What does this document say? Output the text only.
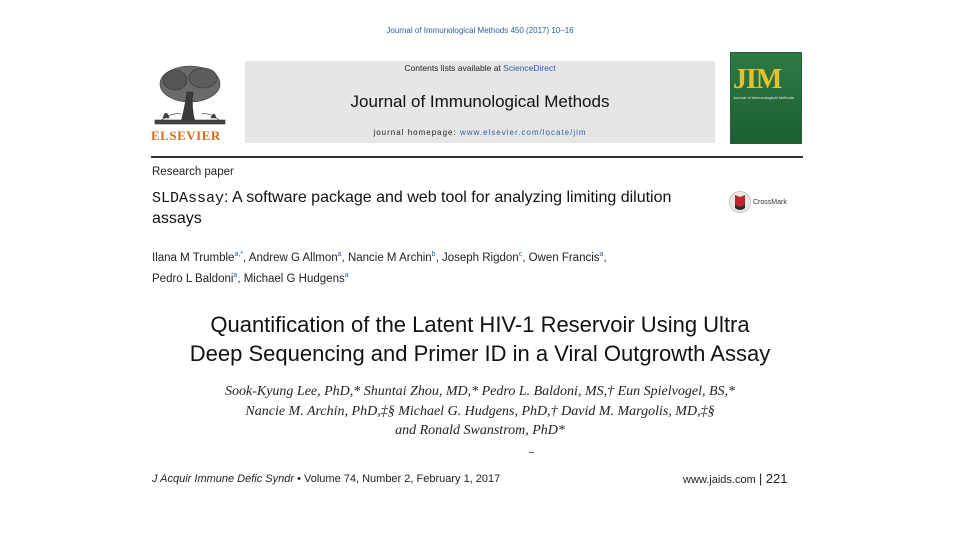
Journal of Immunological Methods 450 (2017) 10–16
ELSEVIER
Contents lists available at ScienceDirect
Journal of Immunological Methods
journal homepage: www.elsevier.com/locate/jim
JIM
Journal of Immunological Methods
Research paper
SLDAssay: A software package and web tool for analyzing limiting dilution assays
CrossMark
Ilana M Trumble$^{a,*}$, Andrew G Allmon$^a$, Nancie M Archin$^b$, Joseph Rigdon$^c$, Owen Francis$^a$,
Pedro L Baldoni$^a$, Michael G Hudgens$^a$
Quantification of the Latent HIV-1 Reservoir Using Ultra
Deep Sequencing and Primer ID in a Viral Outgrowth Assay
Sook-Kyung Lee, PhD,* Shuntai Zhou, MD,* Pedro L. Baldoni, MS,† Eun Spielvogel, BS,*
Nancie M. Archin, PhD,‡§ Michael G. Hudgens, PhD,† David M. Margolis, MD,‡§
and Ronald Swanstrom, PhD*
J Acquir Immune Defic Syndr • Volume 74, Number 2, February 1, 2017	www.jaids.com | 221
